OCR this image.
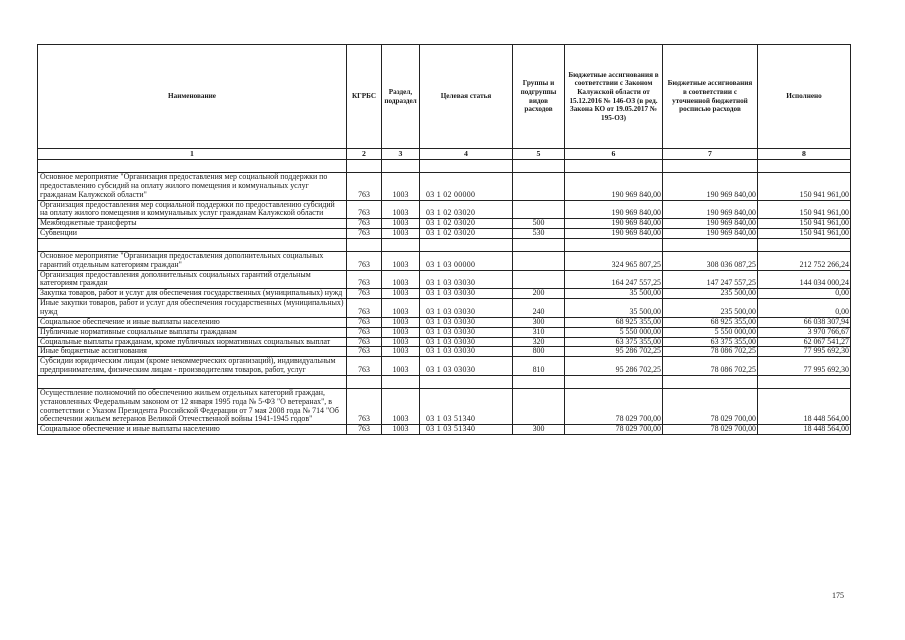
Наименование	КГРБС	Раздел, подраздел	Целевая статья	Группы и подгруппы видов расходов	Бюджетные ассигнования в соответствии с Законом Калужской области от 15.12.2016 № 146-ОЗ (в ред. Закона КО от 19.05.2017 № 195-ОЗ)	Бюджетные ассигнования в соответствии с уточненной бюджетной росписью расходов	Исполнено
1	2	3	4	5	6	7	8

Основное мероприятие "Организация предоставления мер социальной поддержки по предоставлению субсидий на оплату жилого помещения и коммунальных услуг гражданам Калужской области"	763	1003	03 1 02 00000		190 969 840,00	190 969 840,00	150 941 961,00
Организация предоставления мер социальной поддержки по предоставлению субсидий на оплату жилого помещения и коммунальных услуг гражданам Калужской области	763	1003	03 1 02 03020		190 969 840,00	190 969 840,00	150 941 961,00
Межбюджетные трансферты	763	1003	03 1 02 03020	500	190 969 840,00	190 969 840,00	150 941 961,00
Субвенции	763	1003	03 1 02 03020	530	190 969 840,00	190 969 840,00	150 941 961,00

Основное мероприятие "Организация предоставления дополнительных социальных гарантий отдельным категориям граждан"	763	1003	03 1 03 00000		324 965 807,25	308 036 087,25	212 752 266,24
Организация предоставления дополнительных социальных гарантий отдельным категориям граждан	763	1003	03 1 03 03030		164 247 557,25	147 247 557,25	144 034 000,24
Закупка товаров, работ и услуг для обеспечения государственных (муниципальных) нужд	763	1003	03 1 03 03030	200	35 500,00	235 500,00	0,00
Иные закупки товаров, работ и услуг для обеспечения государственных (муниципальных) нужд	763	1003	03 1 03 03030	240	35 500,00	235 500,00	0,00
Социальное обеспечение и иные выплаты населению	763	1003	03 1 03 03030	300	68 925 355,00	68 925 355,00	66 038 307,94
Публичные нормативные социальные выплаты гражданам	763	1003	03 1 03 03030	310	5 550 000,00	5 550 000,00	3 970 766,67
Социальные выплаты гражданам, кроме публичных нормативных социальных выплат	763	1003	03 1 03 03030	320	63 375 355,00	63 375 355,00	62 067 541,27
Иные бюджетные ассигнования	763	1003	03 1 03 03030	800	95 286 702,25	78 086 702,25	77 995 692,30
Субсидии юридическим лицам (кроме некоммерческих организаций), индивидуальным предпринимателям, физическим лицам - производителям товаров, работ, услуг	763	1003	03 1 03 03030	810	95 286 702,25	78 086 702,25	77 995 692,30

Осуществление полномочий по обеспечению жильем отдельных категорий граждан, установленных Федеральным законом от 12 января 1995 года № 5-ФЗ "О ветеранах", в соответствии с Указом Президента Российской Федерации от 7 мая 2008 года № 714 "Об обеспечении жильем ветеранов Великой Отечественной войны 1941-1945 годов"	763	1003	03 1 03 51340		78 029 700,00	78 029 700,00	18 448 564,00
Социальное обеспечение и иные выплаты населению	763	1003	03 1 03 51340	300	78 029 700,00	78 029 700,00	18 448 564,00
175
